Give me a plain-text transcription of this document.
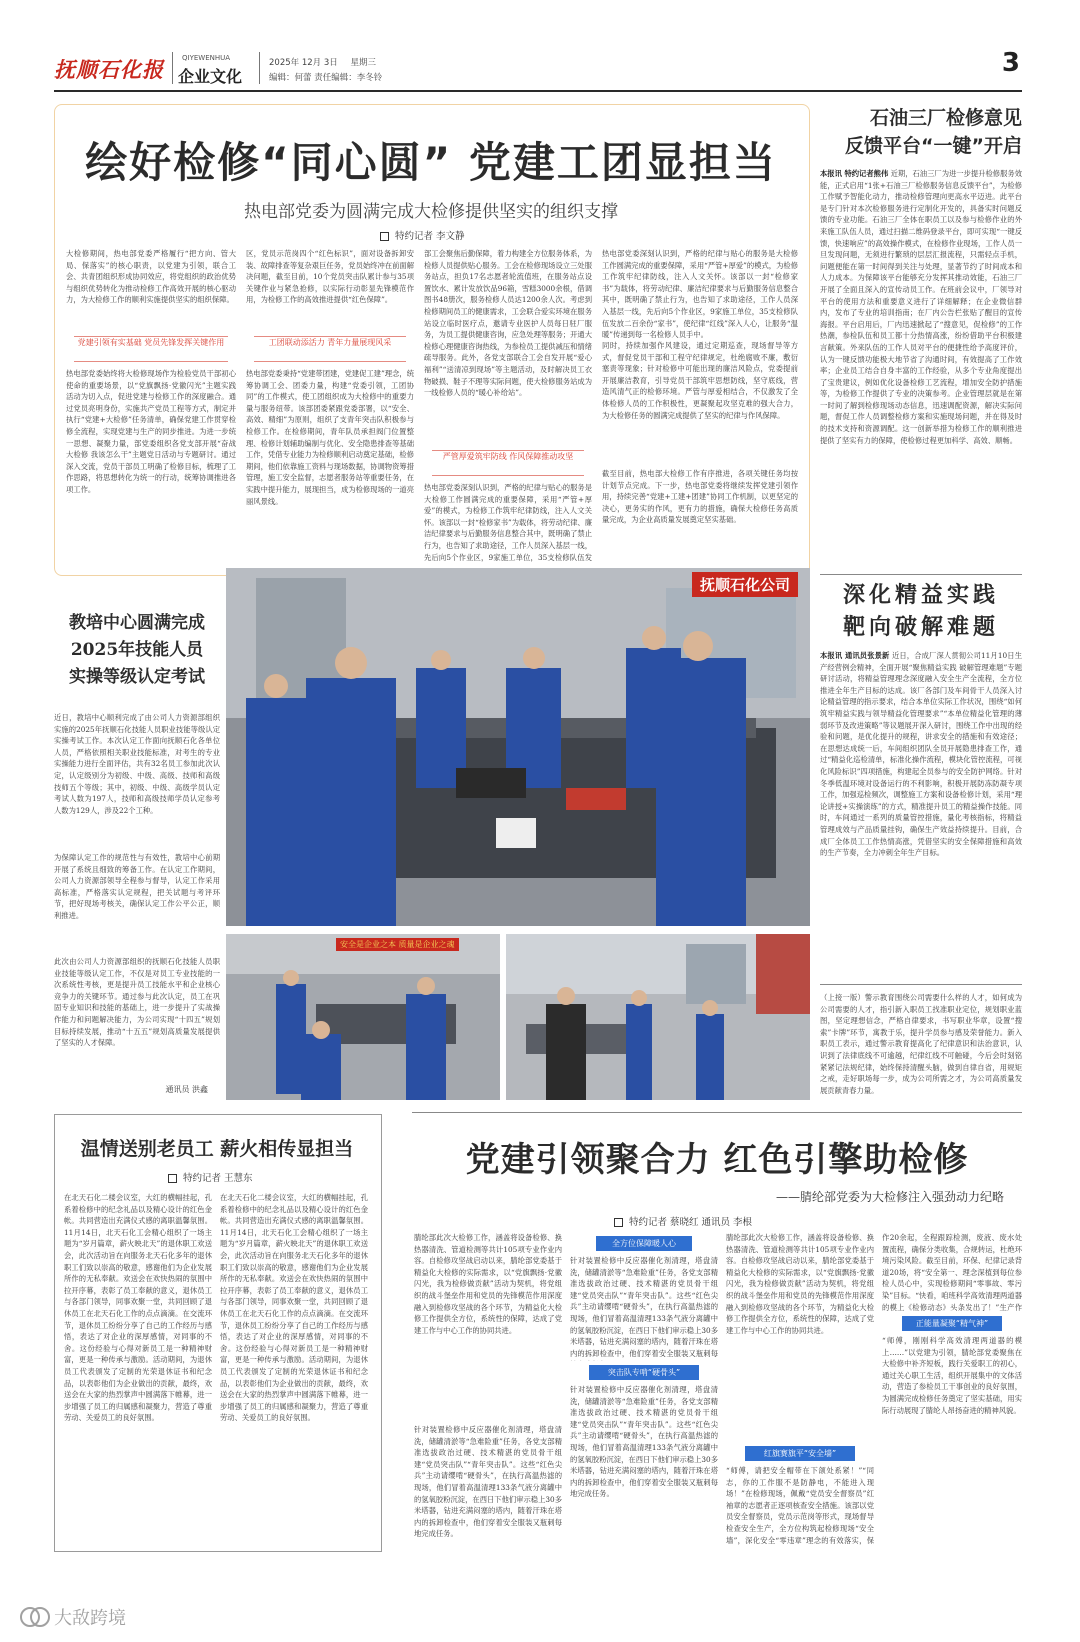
抚顺石化报	QIYEWENHUA
企业文化
2025年 12月 3日 星期三
编辑：何蕾 责任编辑：李冬铃	3
绘好检修“同心圆” 党建工团显担当
热电部党委为圆满完成大检修提供坚实的组织支撑
特约记者 李文静
大检修期间，热电部党委严格履行“把方向、管大局、保落实”的核心职责，以党建为引领，联合工会、共青团组织形成协同效应，将党组织的政治优势与组织优势转化为推动检修工作高效开展的核心驱动力，为大检修工作的顺利实施提供坚实的组织保障。
党建引领有实基础 党员先锋发挥关键作用
热电部党委始终将大检修现场作为检验党员干部初心使命的重要场景，以“党旗飘扬·党徽闪光”主题实践活动为切入点，促进党建与检修工作的深度融合。通过党员亮明身份，实施共产党员工程等方式，制定并执行“党建+大检修”任务清单，确保党建工作贯穿检修全流程，实现党建与生产的同步推进。为进一步统一思想、凝聚力量，部党委组织各党支部开展“奋战大检修 我该怎么干”主题党日活动与专题研讨。通过深入交流，党员干部员工明确了检修目标，梳理了工作思路，将思想转化为统一的行动，统筹协调推进各项工作。
区，党员示范岗四个“红色标识”，面对设备拆卸安装、故障排查等复杂艰巨任务，党员始终冲在前面解决问题，截至目前，10个党员突击队累计参与35项关键作业与紧急抢修，以实际行动彰显先锋模范作用，为检修工作的高效推进提供“红色保障”。
工团联动添活力 青年力量展现风采
热电部党委秉持“党建带团建，党建促工建”理念，统筹协调工会、团委力量，构建“党委引领，工团协同”的工作模式，使工团组织成为大检修中的重要力量与服务纽带。该部团委紧跟党委部署，以“安全、高效、精细”为原则，组织了支青年突击队积极参与检修工作。在检修期间，青年队员承担阀门位置整理、检修计划辅助编制与优化、安全隐患排查等基础工作，凭借专业能力为检修顺利启动奠定基础，检修期间，他们依靠施工资料与现场数据，协调物资筹措管理，施工安全监督，志愿者服务站等重要任务，在实践中提升能力，展现担当，成为检修现场的一道亮丽风景线。
部工会聚焦后勤保障，着力构建全方位服务体系，为检修人员提供贴心服务。工会在检修现场设立三处服务站点，担负17名志愿者轮流值班，在服务站点设置饮水、累计发放饮品96箱，雪糕3000余根，借调图书48册次，服务检修人员达1200余人次。考虑到检修期间员工的健康需求，工会联合爱实环境在服务站设立临时医疗点，邀请专业医护人员每日驻厂服务，为员工提供健康咨询，应急处理等服务；开通大检修心理健康咨询热线，为参检员工提供减压和情绪疏导服务。此外，各党支部联合工会自发开展“爱心福利”“送清凉到现场”等主题活动，及时解决员工衣物破损、鞋子不理等实际问题，使大检修服务站成为一线检修人员的“暖心补给站”。
严管厚爱筑牢防线 作风保障推动攻坚
热电部党委深刻认识到，严格的纪律与贴心的服务是大检修工作圆满完成的重要保障，采用“严管+厚爱”的模式，为检修工作筑牢纪律防线，注入人文关怀。该部以一封“检修家书”为载体，将劳动纪律、廉洁纪律要求与后勤服务信息整合其中，既明确了禁止行为，也告知了求助途径，工作人员深入基层一线，先后向5个作业区，9家施工单位，35支检修队伍发
热电部党委深刻认识到，严格的纪律与贴心的服务是大检修工作圆满完成的重要保障，采用“严管+厚爱”的模式，为检修工作筑牢纪律防线，注入人文关怀。该部以一封“检修家书”为载体，将劳动纪律、廉洁纪律要求与后勤服务信息整合其中，既明确了禁止行为，也告知了求助途径，工作人员深入基层一线，先后向5个作业区，9家施工单位，35支检修队伍发放二百余份“家书”，使纪律“红线”深入人心，让服务“温暖”传递到每一名检修人员手中。
同时，持续加强作风建设，通过定期巡查，现场督导等方式，督促党员干部和工程守纪律规定，杜绝腐败不廉，敷衍塞责等现象；针对检修中可能出现的廉洁风险点，党委提前开展廉洁教育，引导党员干部筑牢思想防线，坚守底线，营造风清气正的检修环境。严管与厚爱相结合，不仅激发了全体检修人员的工作积极性，更凝聚起攻坚克难的强大合力，为大检修任务的圆满完成提供了坚实的纪律与作风保障。
截至目前，热电部大检修工作有序推进，各项关键任务均按计划节点完成。下一步，热电部党委将继续发挥党建引领作用，持续完善“党建+工建+团建”协同工作机制，以更坚定的决心，更务实的作风，更有力的措施，确保大检修任务高质量完成，为企业高质量发展奠定坚实基础。
石油三厂检修意见
反馈平台“一键”开启
本报讯 特约记者熊伟 近期，石油三厂为进一步提升检修服务效能，正式启用“1张+石油三厂检修服务信息反馈平台”，为检修工作赋予智能化动力，推动检修管理向更高水平迈进。此平台是专门针对本次检修服务进行定制化开发的，具备实时问题反馈的专业功能。石油三厂全体在职员工以及参与检修作业的外来施工队伍人员，通过扫描二维码登录平台，即可实现“一键反馈，快速响应”的高效操作模式，在检修作业现场，工作人员一旦发现问题，无须进行繁琐的层层汇报流程，只需轻点手机，问题便能在第一时间得到关注与处理，显著节约了时间成本和人力成本。为保障该平台能够充分发挥其推动效能，石油三厂开展了全面且深入的宣传动员工作。在班前会议中，厂领导对平台的使用方法和重要意义进行了详细解释；在企业微信群内，发布了专业的培训指南；在厂内公告栏张贴了醒目的宣传海报。平台启用后，厂内迅速掀起了“搜意见，促检修”的工作热潮，参检队伍和员工都十分热情高涨，纷纷借助平台积极建言献策。外来队伍的工作人员对平台的便捷性给予高度评价，认为一键反馈功能极大地节省了沟通时间，有效提高了工作效率；企业员工结合自身丰富的工作经验，从多个专业角度提出了宝贵建议，例如优化设备检修工艺流程，增加安全防护措施等，为检修工作提供了专业的决策参考。企业管理层就是在第一时间了解到检修现场动态信息，迅速调配资源，解决实际问题，督促工作人员调整检修方案和实施现场问题，并在得及时的技术支持和资源调配。这一创新举措为检修工作的顺利推进提供了坚实有力的保障，使检修过程更加科学、高效、顺畅。
深化精益实践
靶向破解难题
本报讯 通讯员张景新 近日，合成厂深人贯彻公司11月10日生产经营例会精神，全面开展“聚焦精益实践 破解管理难题”专题研讨活动，将精益管理理念深度融入安全生产全流程，全方位推进全年生产目标的达成。该厂各部门及车间骨干人员深入讨论精益管理的指示要求，结合本单位实际工作状况，围绕“如何筑牢精益实践与领导精益化管理要求”“本单位精益化管理的薄弱环节及改进策略”等议题展开深入研讨，围绕工作中出现的经验和问题，是优化提升的规程，讲求安全的措施和有效途径；在思想达成统一后，车间组织团队全员开展隐患排查工作，通过“精益化巡检清单，标准化操作流程，模块化管控流程，可视化风险标识”四项措施，构建起全员参与的安全防护网络。针对冬季低温环境对设备运行的不利影响，积极开展防冻防凝专项工作，加强巡检频次，调整施工方案和设备检修计划，采用“理论讲授+实操演练”的方式，精准提升员工的精益操作技能。同时，车间通过一系列的质量管控措施，量化考核指标，将精益管理成效与产品质量挂钩，确保生产效益持续提升。目前，合成厂全体员工工作热情高涨，凭借坚实的安全保障措施和高效的生产节奏，全力冲刺全年生产目标。
（上接一版）警示教育围绕公司需要什么样的人才，如何成为公司需要的人才，指引新入职员工找准职业定位，规划职业蓝图，坚定理想信念，严格自律要求，书写职业华章，设置“搜索”卡牌”环节，寓教于乐，提升学员参与感及荣誉能力。新入职员工表示，通过警示教育提高化了纪律意识和法治意识，认识到了法律底线不可逾越，纪律红线不可触碰，今后会时刻铭紧紧记法规纪律，始终保持清醒头脑，做到自律自省，用规矩之戒，走好职场每一步，成为公司所需之才，为公司高质量发展贡献青春力量。
教培中心圆满完成
2025年技能人员
实操等级认定考试
近日，教培中心顺利完成了由公司人力资源部组织实施的2025年抚顺石化技能人员职业技能等级认定实操考试工作。本次认定工作面向抚顺石化各单位人员，严格依照相关职业技能标准，对考生的专业实操能力进行全面评估，共有32名员工参加此次认定，认定级别分为初级、中级、高级、技师和高级技师五个等级；其中，初级、中级、高级学员认定考试人数为197人，技师和高级技师学员认定参考人数为129人，涉及22个工种。
为保障认定工作的规范性与有效性，教培中心前期开展了系统且细致的筹备工作。在认定工作期间，公司人力资源部领导全程参与督导，认定工作采用高标准，严格落实认定规程，把关试题与考评环节，把好现场考核关，确保认定工作公平公正，顺利推进。
此次由公司人力资源部组织的抚顺石化技能人员职业技能等级认定工作，不仅是对员工专业技能的一次系统性考核，更是提升员工技能水平和企业核心竞争力的关键环节。通过参与此次认定，员工在巩固专业知识和技能的基础上，进一步提升了实战操作能力和问题解决能力，为公司实现“十四五”规划目标持续发展，推动“十五五”规划高质量发展提供了坚实的人才保障。
通讯员 洪鑫
抚顺石化公司
安全是企业之本 质量是企业之魂
温情送别老员工 薪火相传显担当
特约记者 王慧东
在北天石化二楼会议室，大红的横幅挂起，孔系着检修中的纪念礼品以及精心设计的红色金帐。共同营造出充满仪式感的离职温馨氛围。11月14日，北天石化工会精心组织了一场主题为“岁月篇章，薪火映北天”的退休职工欢送会，此次活动旨在向服务北天石化多年的退休职工们致以崇高的敬意，感谢他们为企业发展所作的无私奉献。欢送会在欢快热闹的氛围中拉开序幕，表彰了员工奉献的意义，退休员工与各部门领导，同事欢聚一堂，共同回顾了退休员工在北天石化工作的点点滴滴。在交流环节，退休员工纷纷分享了自己的工作经历与感悟，表达了对企业的深厚感情，对同事的不舍。这份经验与心得对新员工是一种精神财富，更是一种传承与激励。活动期间，为退休员工代表颁发了定制的光荣退休证书和纪念品，以表彰他们为企业做出的贡献，最终，欢送会在大家的热烈掌声中圆满落下帷幕，进一步增强了员工的归属感和凝聚力，营造了尊重劳动、关爱员工的良好氛围。
在北天石化二楼会议室，大红的横幅挂起，孔系着检修中的纪念礼品以及精心设计的红色金帐。共同营造出充满仪式感的离职温馨氛围。11月14日，北天石化工会精心组织了一场主题为“岁月篇章，薪火映北天”的退休职工欢送会，此次活动旨在向服务北天石化多年的退休职工们致以崇高的敬意，感谢他们为企业发展所作的无私奉献。欢送会在欢快热闹的氛围中拉开序幕，表彰了员工奉献的意义，退休员工与各部门领导，同事欢聚一堂，共同回顾了退休员工在北天石化工作的点点滴滴。在交流环节，退休员工纷纷分享了自己的工作经历与感悟，表达了对企业的深厚感情，对同事的不舍。这份经验与心得对新员工是一种精神财富，更是一种传承与激励。活动期间，为退休员工代表颁发了定制的光荣退休证书和纪念品，以表彰他们为企业做出的贡献，最终，欢送会在大家的热烈掌声中圆满落下帷幕，进一步增强了员工的归属感和凝聚力，营造了尊重劳动、关爱员工的良好氛围。
党建引领聚合力 红色引擎助检修
——腈纶部党委为大检修注入强劲动力纪略
特约记者 蔡晓红 通讯员 李根
腈纶部此次大检修工作，涵盖将设备检修、换热器清洗、管道检测等共计105项专业作业内容。自检修攻坚战启动以来，腈纶部党委基于精益化大检修的实际需求，以“党旗飘扬·党徽闪光，我为检修做贡献”活动为契机，将党组织的战斗堡垒作用和党员的先锋模范作用深度融入到检修攻坚战的各个环节，为精益化大检修工作提供全方位，系统性的保障，达成了党建工作与中心工作的协同共进。
针对装置检修中反应器催化剂清理，塔盘清洗，储罐清淤等“急难险重”任务，各党支部精准选拔政治过硬、技术精湛的党员骨干组建“党员突击队”“青年突击队”。这些“红色尖兵”主动请缨啃“硬骨头”，在执行高温热滤的现场，他们冒着高温清理133条气液分离罐中的氢氧胶粉沉淀，在西日下他们审示稳上30多米塔器，钻进充满闷塞的塔内，随着汗珠在塔内的拆卸检查中，他们穿着安全服装又瓶刺每地完成任务。
全方位保障暖人心
针对装置检修中反应器催化剂清理，塔盘清洗，储罐清淤等“急难险重”任务，各党支部精准选拔政治过硬、技术精湛的党员骨干组建“党员突击队”“青年突击队”。这些“红色尖兵”主动请缨啃“硬骨头”，在执行高温热滤的现场，他们冒着高温清理133条气液分离罐中的氢氧胶粉沉淀，在西日下他们审示稳上30多米塔器，钻进充满闷塞的塔内，随着汗珠在塔内的拆卸检查中，他们穿着安全服装又瓶刺每
突击队专啃“硬骨头”
针对装置检修中反应器催化剂清理，塔盘清洗，储罐清淤等“急难险重”任务，各党支部精准选拔政治过硬、技术精湛的党员骨干组建“党员突击队”“青年突击队”。这些“红色尖兵”主动请缨啃“硬骨头”，在执行高温热滤的现场，他们冒着高温清理133条气液分离罐中的氢氧胶粉沉淀，在西日下他们审示稳上30多米塔器，钻进充满闷塞的塔内，随着汗珠在塔内的拆卸检查中，他们穿着安全服装又瓶刺每地完成任务。
腈纶部此次大检修工作，涵盖将设备检修、换热器清洗、管道检测等共计105项专业作业内容。自检修攻坚战启动以来，腈纶部党委基于精益化大检修的实际需求，以“党旗飘扬·党徽闪光，我为检修做贡献”活动为契机，将党组织的战斗堡垒作用和党员的先锋模范作用深度融入到检修攻坚战的各个环节，为精益化大检修工作提供全方位，系统性的保障，达成了党建工作与中心工作的协同共进。
红旗赛旗平“安全墙”
“师傅，请把安全帽带在下颌处系紧！”“同志，你的工作服不是防静电，不能进入现场！”在检修现场，佩戴“党员安全督察员”红袖章的志愿者正逐项核查安全措施。该部以党员安全督察员，党员示范岗等形式，现场督导检查安全生产，全方位构筑起检修现场“安全墙”，深化安全“零违章”理念的有效落实，保
作20余起，全程跟踪检测，废液、废水处置流程，确保分类收集，合规转运，杜绝环境污染风险。截至目前，环保、纪律记录背道20场，将“安全第一、理念深植到每位参检人员心中，实现检修期间“零事故、零污染”目标。“快看，咱班科学高效清理两道器的模上《检修动态》头条发出了！”生产作
正能量凝聚“精气神”
“师傅，刚刚科学高效清理两道器的模上……”以党建为引领，腈纶部党委聚焦在大检修中补齐短板，践行关爱职工的初心，通过关心职工生活，组织开展集中的文体活动，营造了参检员工干事创业的良好氛围，为圆满完成检修任务奠定了坚实基础，用实际行动展现了腈纶人昂扬奋进的精神风貌。
大敌跨境
